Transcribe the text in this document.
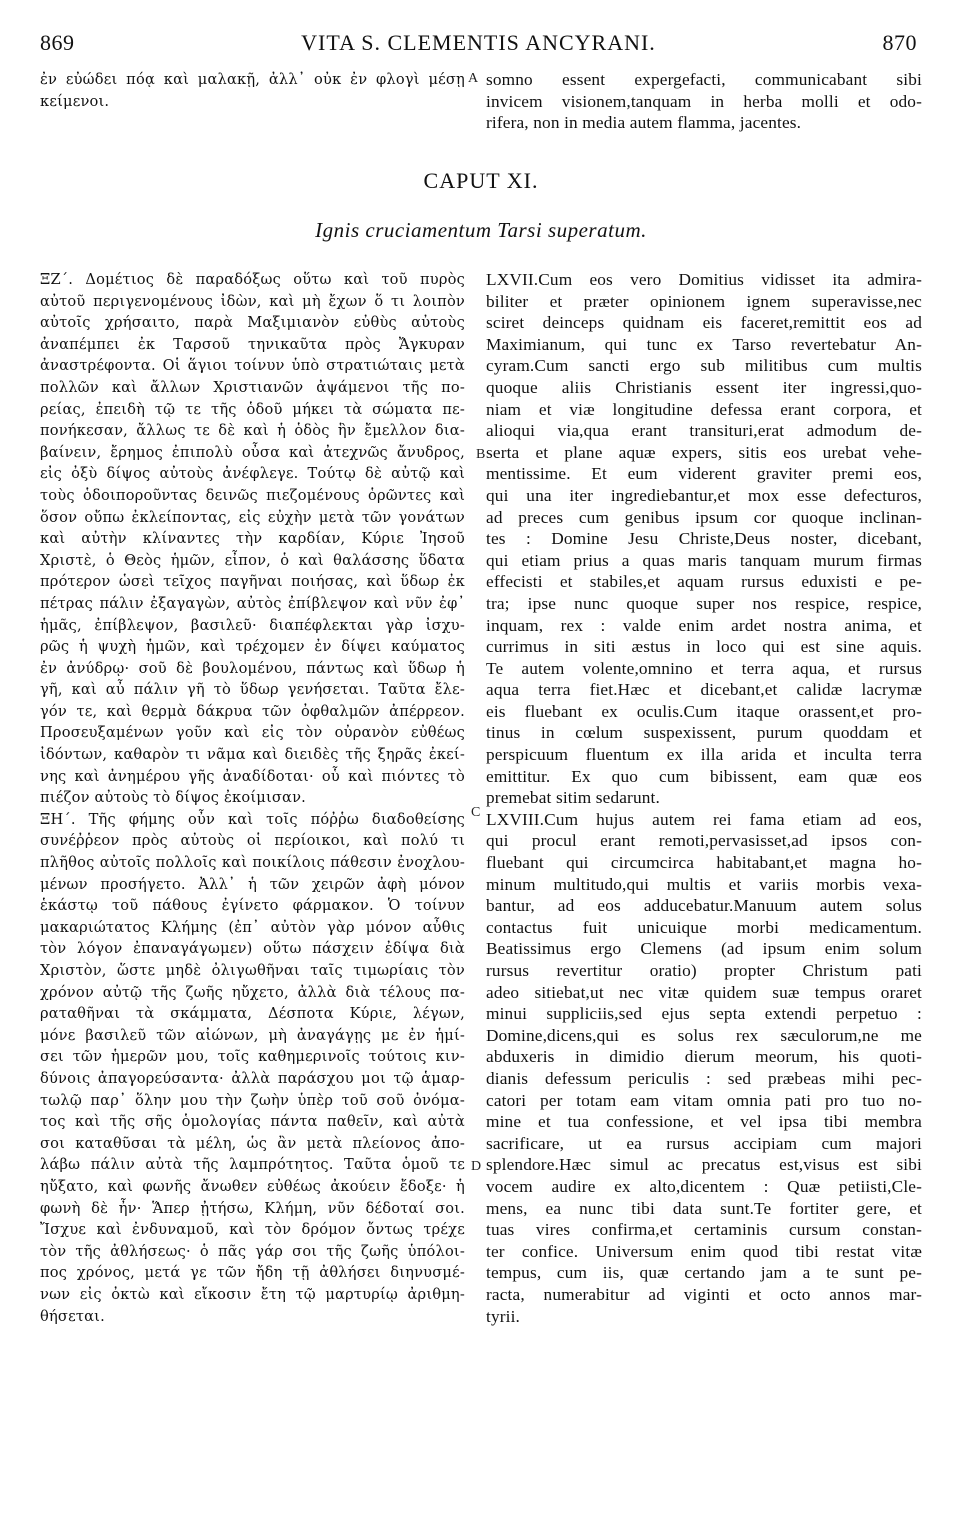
869	VITA S. CLEMENTIS ANCYRANI.	870
ἐν εὐώδει πόᾳ καὶ μαλακῇ, ἀλλ᾽ οὐκ ἐν φλογὶ μέσῃ
κείμενοι.
somno essent expergefacti, communicabant sibi
invicem visionem,tanquam in herba molli et odo-
rifera, non in media autem flamma, jacentes.
A
B
C
D
CAPUT XI.
Ignis cruciamentum Tarsi superatum.
ΞΖ΄. Δομέτιος δὲ παραδόξως οὕτω καὶ τοῦ πυρὸς
αὐτοῦ περιγενομένους ἰδὼν, καὶ μὴ ἔχων ὅ τι λοιπὸν
αὐτοῖς χρήσαιτο, παρὰ Μαξιμιανὸν εὐθὺς αὐτοὺς
ἀναπέμπει ἐκ Ταρσοῦ τηνικαῦτα πρὸς Ἄγκυραν
ἀναστρέφοντα. Οἱ ἅγιοι τοίνυν ὑπὸ στρατιώταις μετὰ
πολλῶν καὶ ἄλλων Χριστιανῶν ἀψάμενοι τῆς πο-
ρείας, ἐπειδὴ τῷ τε τῆς ὁδοῦ μήκει τὰ σώματα πε-
πονήκεσαν, ἄλλως τε δὲ καὶ ἡ ὁδὸς ἣν ἔμελλον δια-
βαίνειν, ἔρημος ἐπιπολὺ οὖσα καὶ ἀτεχνῶς ἄνυδρος,
εἰς ὀξὺ δίψος αὐτοὺς ἀνέφλεγε. Τούτῳ δὲ αὐτῷ καὶ
τοὺς ὁδοιποροῦντας δεινῶς πιεζομένους ὁρῶντες καὶ
ὅσον οὔπω ἐκλείποντας, εἰς εὐχὴν μετὰ τῶν γονάτων
καὶ αὐτὴν κλίναντες τὴν καρδίαν, Κύριε Ἰησοῦ
Χριστὲ, ὁ Θεὸς ἡμῶν, εἶπον, ὁ καὶ θαλάσσης ὕδατα
πρότερον ὡσεὶ τεῖχος παγῆναι ποιήσας, καὶ ὕδωρ ἐκ
πέτρας πάλιν ἐξαγαγὼν, αὐτὸς ἐπίβλεψον καὶ νῦν ἐφ᾽
ἡμᾶς, ἐπίβλεψον, βασιλεῦ· διαπέφλεκται γὰρ ἰσχυ-
ρῶς ἡ ψυχὴ ἡμῶν, καὶ τρέχομεν ἐν δίψει καύματος
ἐν ἀνύδρῳ· σοῦ δὲ βουλομένου, πάντως καὶ ὕδωρ ἡ
γῆ, καὶ αὖ πάλιν γῆ τὸ ὕδωρ γενήσεται. Ταῦτα ἔλε-
γόν τε, καὶ θερμὰ δάκρυα τῶν ὀφθαλμῶν ἀπέρρεον.
Προσευξαμένων γοῦν καὶ εἰς τὸν οὐρανὸν εὐθέως
ἰδόντων, καθαρὸν τι νᾶμα καὶ διειδὲς τῆς ξηρᾶς ἐκεί-
νης καὶ ἀνημέρου γῆς ἀναδίδοται· οὗ καὶ πιόντες τὸ
πιέζον αὐτοὺς τὸ δίψος ἐκοίμισαν.
ΞΗ΄. Τῆς φήμης οὖν καὶ τοῖς πόῤῥω διαδοθείσης
συνέῤῥεον πρὸς αὐτοὺς οἱ περίοικοι, καὶ πολύ τι
πλῆθος αὐτοῖς πολλοῖς καὶ ποικίλοις πάθεσιν ἐνοχλου-
μένων προσήγετο. Ἀλλ᾽ ἡ τῶν χειρῶν ἀφὴ μόνον
ἑκάστῳ τοῦ πάθους ἐγίνετο φάρμακον. Ὁ τοίνυν
μακαριώτατος Κλήμης (ἐπ᾽ αὐτὸν γὰρ μόνον αὖθις
τὸν λόγον ἐπαναγάγωμεν) οὕτω πάσχειν ἐδίψα διὰ
Χριστὸν, ὥστε μηδὲ ὀλιγωθῆναι ταῖς τιμωρίαις τὸν
χρόνον αὐτῷ τῆς ζωῆς ηὔχετο, ἀλλὰ διὰ τέλους πα-
ραταθῆναι τὰ σκάμματα, Δέσποτα Κύριε, λέγων,
μόνε βασιλεῦ τῶν αἰώνων, μὴ ἀναγάγῃς με ἐν ἡμί-
σει τῶν ἡμερῶν μου, τοῖς καθημερινοῖς τούτοις κιν-
δύνοις ἀπαγορεύσαντα· ἀλλὰ παράσχου μοι τῷ ἁμαρ-
τωλῷ παρ᾽ ὅλην μου τὴν ζωὴν ὑπὲρ τοῦ σοῦ ὀνόμα-
τος καὶ τῆς σῆς ὁμολογίας πάντα παθεῖν, καὶ αὐτὰ
σοι καταθῦσαι τὰ μέλη, ὡς ἂν μετὰ πλείονος ἀπο-
λάβω πάλιν αὐτὰ τῆς λαμπρότητος. Ταῦτα ὁμοῦ τε
ηὔξατο, καὶ φωνῆς ἄνωθεν εὐθέως ἀκούειν ἔδοξε· ἡ
φωνὴ δὲ ἦν· Ἅπερ ᾐτήσω, Κλήμη, νῦν δέδοταί σοι.
Ἴσχυε καὶ ἐνδυναμοῦ, καὶ τὸν δρόμον ὄντως τρέχε
τὸν τῆς ἀθλήσεως· ὁ πᾶς γάρ σοι τῆς ζωῆς ὑπόλοι-
πος χρόνος, μετά γε τῶν ἤδη τῇ ἀθλήσει διηνυσμέ-
νων εἰς ὀκτὼ καὶ εἴκοσιν ἔτη τῷ μαρτυρίῳ ἀριθμη-
θήσεται.
LXVII.Cum eos vero Domitius vidisset ita admira-
biliter et præter opinionem ignem superavisse,nec
sciret deinceps quidnam eis faceret,remittit eos ad
Maximianum, qui tunc ex Tarso revertebatur An-
cyram.Cum sancti ergo sub militibus cum multis
quoque aliis Christianis essent iter ingressi,quo-
niam et viæ longitudine defessa erant corpora, et
alioqui via,qua erant transituri,erat admodum de-
serta et plane aquæ expers, sitis eos urebat vehe-
mentissime. Et eum viderent graviter premi eos,
qui una iter ingrediebantur,et mox esse defecturos,
ad preces cum genibus ipsum cor quoque inclinan-
tes : Domine Jesu Christe,Deus noster, dicebant,
qui etiam prius a quas maris tanquam murum firmas
effecisti et stabiles,et aquam rursus eduxisti e pe-
tra; ipse nunc quoque super nos respice, respice,
inquam, rex : valde enim ardet nostra anima, et
currimus in siti æstus in loco qui est sine aquis.
Te autem volente,omnino et terra aqua, et rursus
aqua terra fiet.Hæc et dicebant,et calidæ lacrymæ
eis fluebant ex oculis.Cum itaque orassent,et pro-
tinus in cœlum suspexissent, purum quoddam et
perspicuum fluentum ex illa arida et inculta terra
emittitur. Ex quo cum bibissent, eam quæ eos
premebat sitim sedarunt.
LXVIII.Cum hujus autem rei fama etiam ad eos,
qui procul erant remoti,pervasisset,ad ipsos con-
fluebant qui circumcirca habitabant,et magna ho-
minum multitudo,qui multis et variis morbis vexa-
bantur, ad eos adducebatur.Manuum autem solus
contactus fuit unicuique morbi medicamentum.
Beatissimus ergo Clemens (ad ipsum enim solum
rursus revertitur oratio) propter Christum pati
adeo sitiebat,ut nec vitæ quidem suæ tempus oraret
minui suppliciis,sed ejus septa extendi perpetuo :
Domine,dicens,qui es solus rex sæculorum,ne me
abduxeris in dimidio dierum meorum, his quoti-
dianis defessum periculis : sed præbeas mihi pec-
catori per totam eam vitam omnia pati pro tuo no-
mine et tua confessione, et vel ipsa tibi membra
sacrificare, ut ea rursus accipiam cum majori
splendore.Hæc simul ac precatus est,visus est sibi
vocem audire ex alto,dicentem : Quæ petiisti,Cle-
mens, ea nunc tibi data sunt.Te fortiter gere, et
tuas vires confirma,et certaminis cursum constan-
ter confice. Universum enim quod tibi restat vitæ
tempus, cum iis, quæ certando jam a te sunt pe-
racta, numerabitur ad viginti et octo annos mar-
tyrii.
